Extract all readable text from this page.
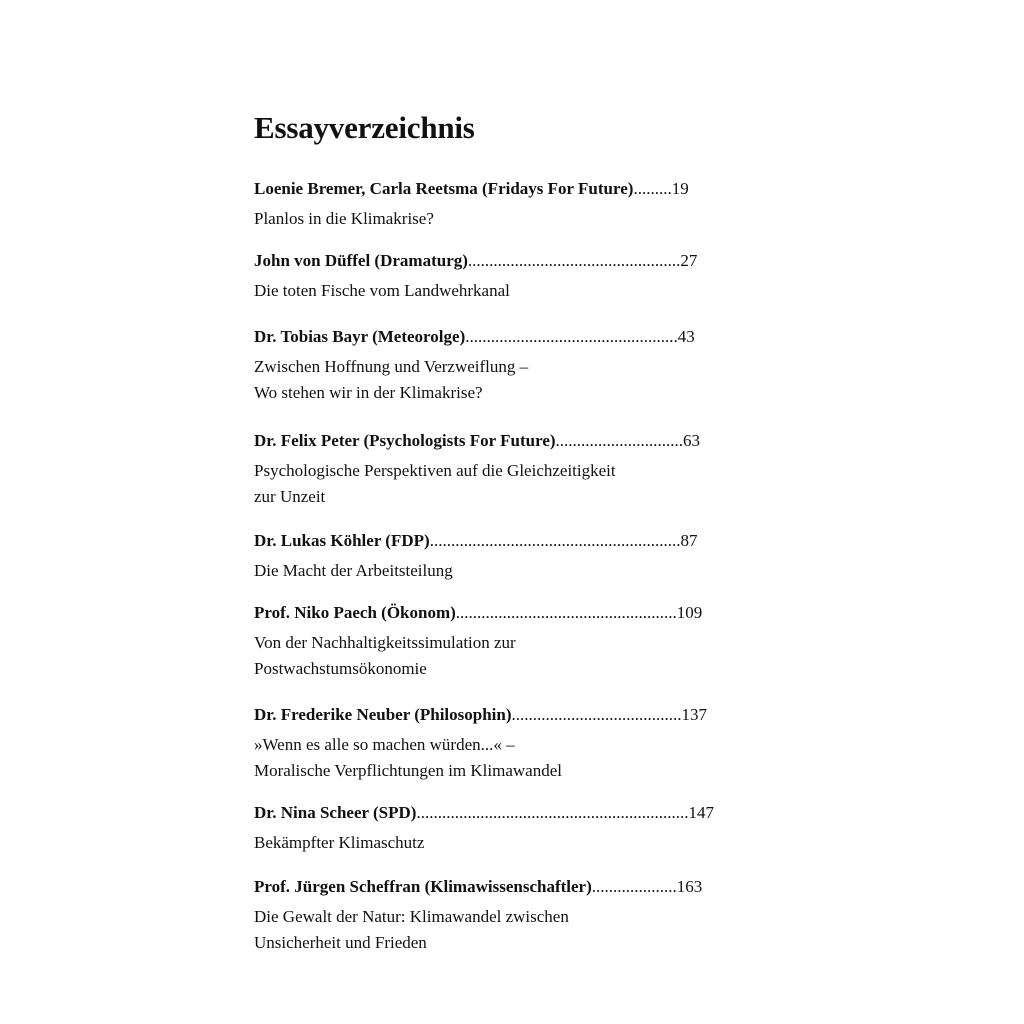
Essayverzeichnis
Loenie Bremer, Carla Reetsma (Fridays For Future).........19
Planlos in die Klimakrise?
John von Düffel (Dramaturg)..................................................27
Die toten Fische vom Landwehrkanal
Dr. Tobias Bayr (Meteorolge)..................................................43
Zwischen Hoffnung und Verzweiflung –
Wo stehen wir in der Klimakrise?
Dr. Felix Peter (Psychologists For Future)..............................63
Psychologische Perspektiven auf die Gleichzeitigkeit
zur Unzeit
Dr. Lukas Köhler (FDP)...........................................................87
Die Macht der Arbeitsteilung
Prof. Niko Paech (Ökonom)....................................................109
Von der Nachhaltigkeitssimulation zur
Postwachstumsökonomie
Dr. Frederike Neuber (Philosophin)........................................137
»Wenn es alle so machen würden...« –
Moralische Verpflichtungen im Klimawandel
Dr. Nina Scheer (SPD)................................................................147
Bekämpfter Klimaschutz
Prof. Jürgen Scheffran (Klimawissenschaftler)....................163
Die Gewalt der Natur: Klimawandel zwischen
Unsicherheit und Frieden
